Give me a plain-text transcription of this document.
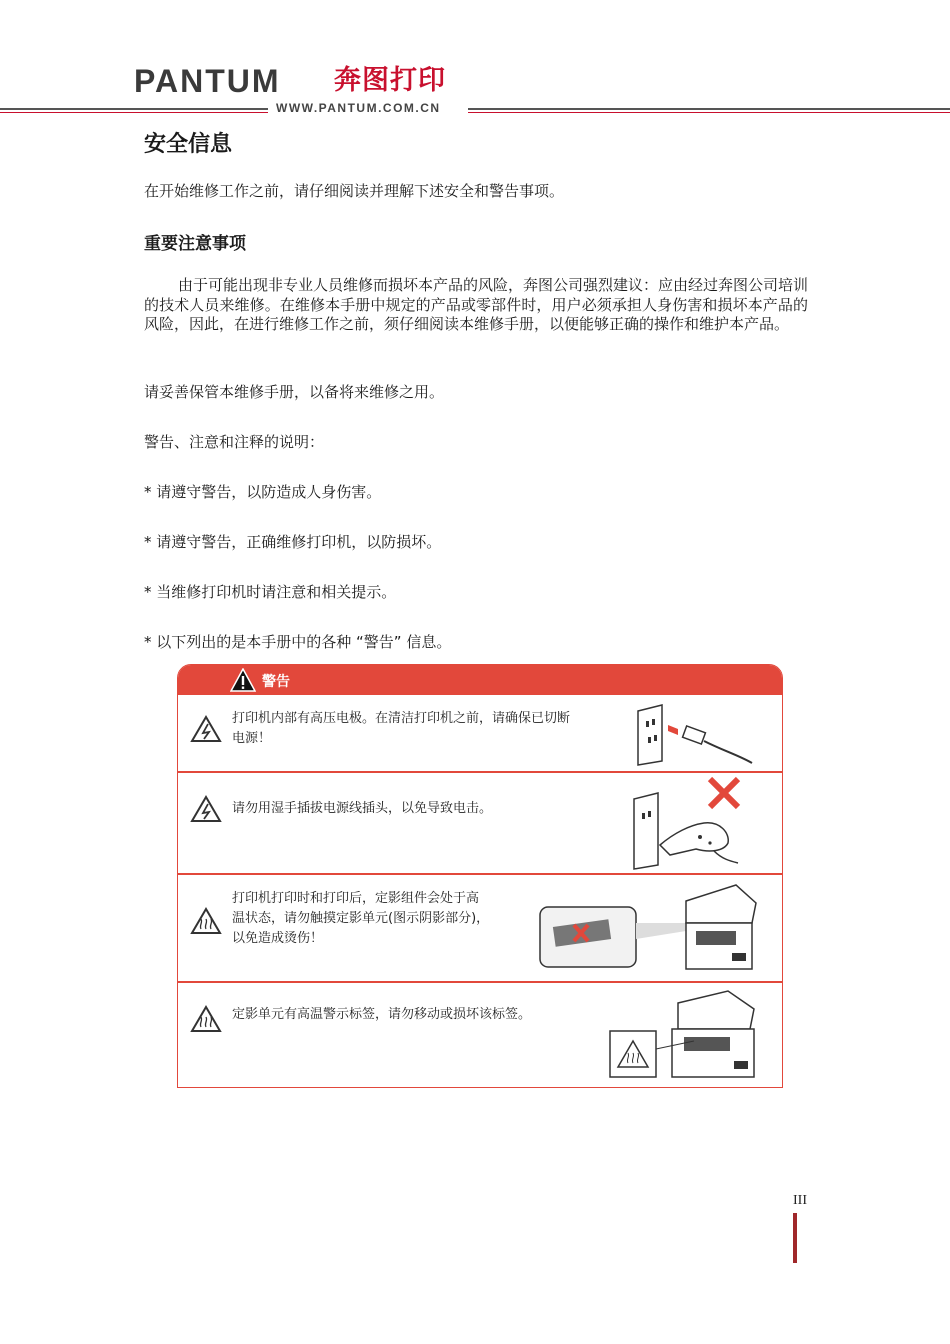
PANTUM 奔图打印
WWW.PANTUM.COM.CN
安全信息
在开始维修工作之前，请仔细阅读并理解下述安全和警告事项。
重要注意事项
由于可能出现非专业人员维修而损坏本产品的风险，奔图公司强烈建议：应由经过奔图公司培训的技术人员来维修。在维修本手册中规定的产品或零部件时，用户必须承担人身伤害和损坏本产品的风险，因此，在进行维修工作之前，须仔细阅读本维修手册，以便能够正确的操作和维护本产品。
请妥善保管本维修手册，以备将来维修之用。
警告、注意和注释的说明：
* 请遵守警告，以防造成人身伤害。
* 请遵守警告，正确维修打印机，以防损坏。
* 当维修打印机时请注意和相关提示。
* 以下列出的是本手册中的各种 “警告” 信息。
警告
打印机内部有高压电极。在清洁打印机之前，请确保已切断
电源！
请勿用湿手插拔电源线插头，以免导致电击。
打印机打印时和打印后，定影组件会处于高
温状态，请勿触摸定影单元(图示阴影部分)，
以免造成烫伤！
定影单元有高温警示标签，请勿移动或损坏该标签。
III
